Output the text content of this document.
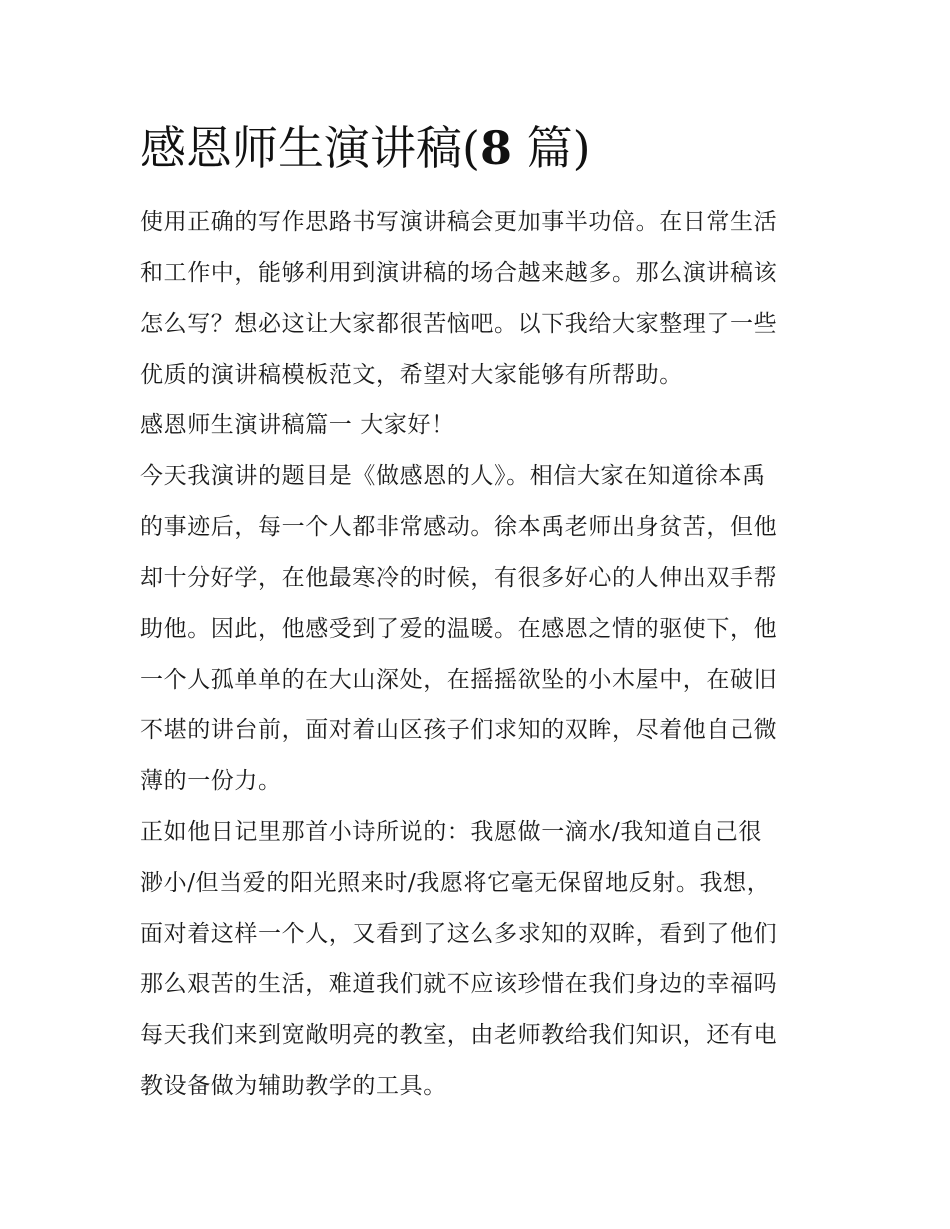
感恩师生演讲稿(8 篇)

使用正确的写作思路书写演讲稿会更加事半功倍。在日常生活

和工作中，能够利用到演讲稿的场合越来越多。那么演讲稿该

怎么写？想必这让大家都很苦恼吧。以下我给大家整理了一些

优质的演讲稿模板范文，希望对大家能够有所帮助。

感恩师生演讲稿篇一 大家好！

今天我演讲的题目是《做感恩的人》。相信大家在知道徐本禹

的事迹后，每一个人都非常感动。徐本禹老师出身贫苦，但他

却十分好学，在他最寒冷的时候，有很多好心的人伸出双手帮

助他。因此，他感受到了爱的温暖。在感恩之情的驱使下，他

一个人孤单单的在大山深处，在摇摇欲坠的小木屋中，在破旧

不堪的讲台前，面对着山区孩子们求知的双眸，尽着他自己微

薄的一份力。

正如他日记里那首小诗所说的：我愿做一滴水/我知道自己很

渺小/但当爱的阳光照来时/我愿将它毫无保留地反射。我想，

面对着这样一个人，又看到了这么多求知的双眸，看到了他们

那么艰苦的生活，难道我们就不应该珍惜在我们身边的幸福吗

每天我们来到宽敞明亮的教室，由老师教给我们知识，还有电

教设备做为辅助教学的工具。
